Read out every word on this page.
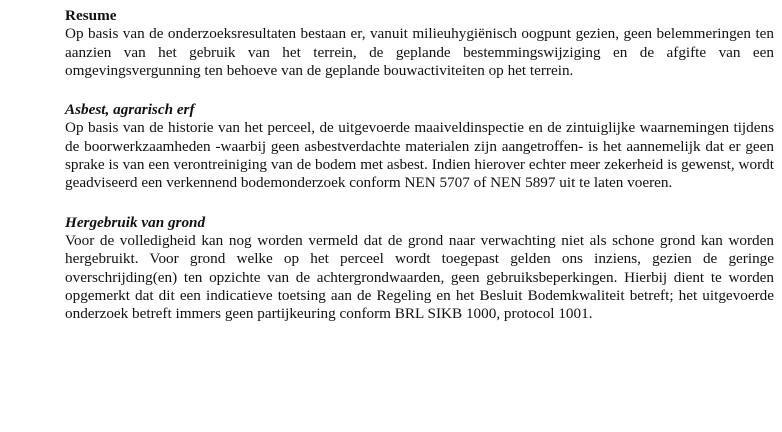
Resume

Op basis van de onderzoeksresultaten bestaan er, vanuit milieuhygiënisch oogpunt gezien, geen belemmeringen ten aanzien van het gebruik van het terrein, de geplande bestemmingswijziging en de afgifte van een omgevingsvergunning ten behoeve van de geplande bouwactiviteiten op het terrein.

Asbest, agrarisch erf

Op basis van de historie van het perceel, de uitgevoerde maaiveldinspectie en de zintuiglijke waarnemingen tijdens de boorwerkzaamheden -waarbij geen asbestverdachte materialen zijn aangetroffen- is het aannemelijk dat er geen sprake is van een verontreiniging van de bodem met asbest. Indien hierover echter meer zekerheid is gewenst, wordt geadviseerd een verkennend bodemonderzoek conform NEN 5707 of NEN 5897 uit te laten voeren.

Hergebruik van grond

Voor de volledigheid kan nog worden vermeld dat de grond naar verwachting niet als schone grond kan worden hergebruikt. Voor grond welke op het perceel wordt toegepast gelden ons inziens, gezien de geringe overschrijding(en) ten opzichte van de achtergrondwaarden, geen gebruiksbeperkingen. Hierbij dient te worden opgemerkt dat dit een indicatieve toetsing aan de Regeling en het Besluit Bodemkwaliteit betreft; het uitgevoerde onderzoek betreft immers geen partijkeuring conform BRL SIKB 1000, protocol 1001.
